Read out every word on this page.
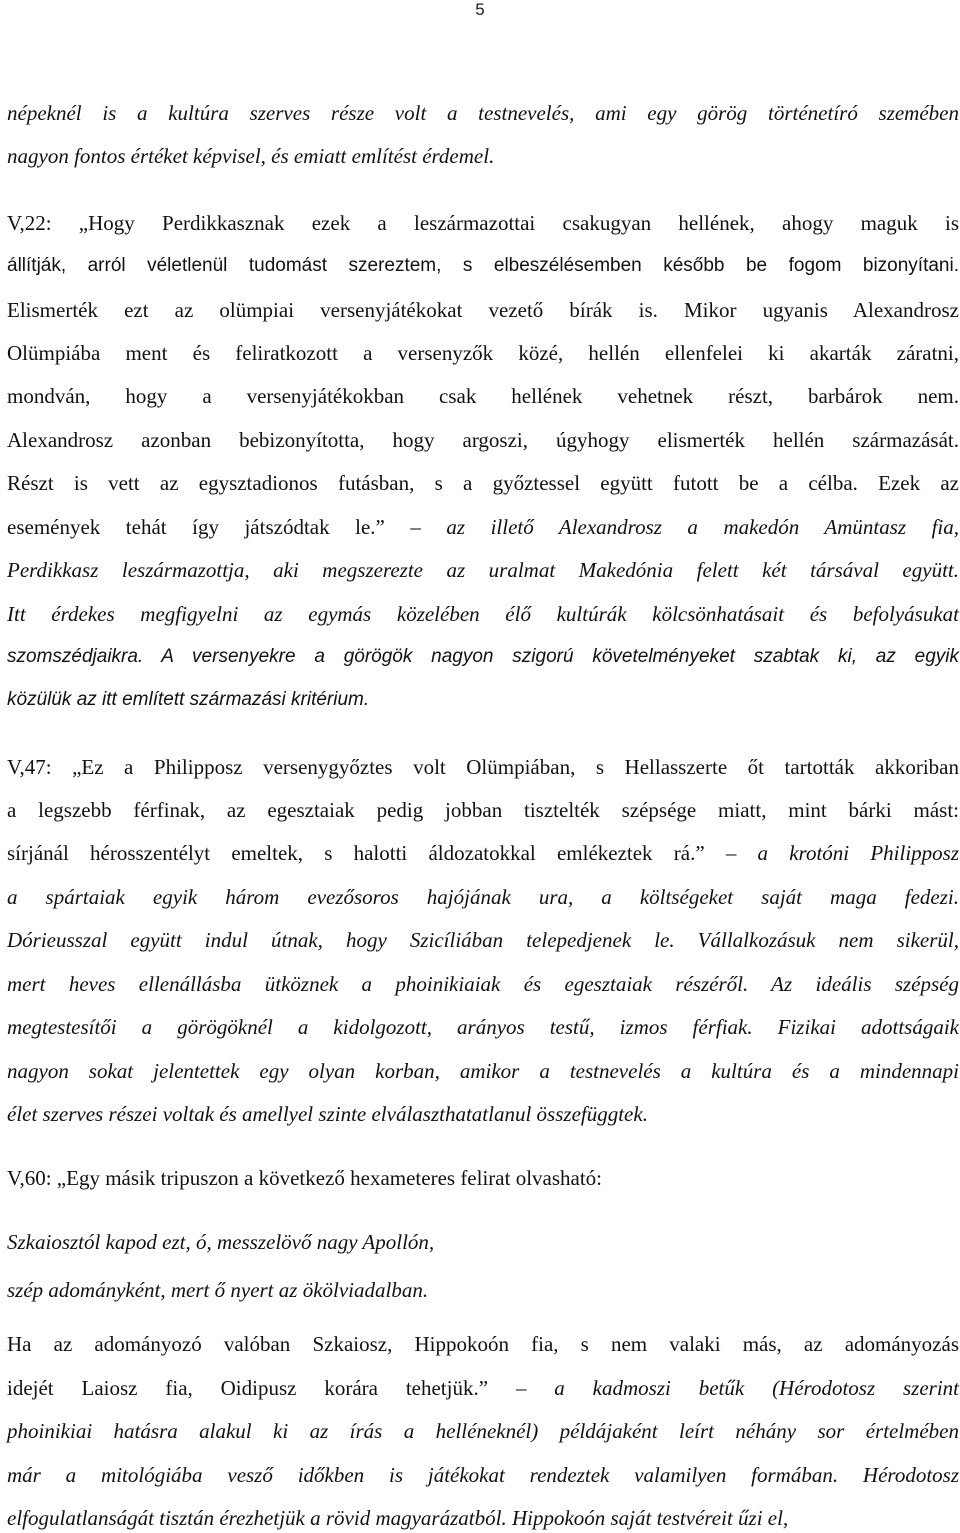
5

népeknél is a kultúra szerves része volt a testnevelés, ami egy görög történetíró szemében

nagyon fontos értéket képvisel, és emiatt említést érdemel.

V,22: „Hogy Perdikkasznak ezek a leszármazottai csakugyan hellének, ahogy maguk is

állítják, arról véletlenül tudomást szereztem, s elbeszélésemben később be fogom bizonyítani.

Elismerték ezt az olümpiai versenyjátékokat vezető bírák is. Mikor ugyanis Alexandrosz

Olümpiába ment és feliratkozott a versenyzők közé, hellén ellenfelei ki akarták záratni,

mondván, hogy a versenyjátékokban csak hellének vehetnek részt, barbárok nem.

Alexandrosz azonban bebizonyította, hogy argoszi, úgyhogy elismerték hellén származását.

Részt is vett az egysztadionos futásban, s a győztessel együtt futott be a célba. Ezek az

események tehát így játszódtak le.” – az illető Alexandrosz a makedón Amüntasz fia,

Perdikkasz leszármazottja, aki megszerezte az uralmat Makedónia felett két társával együtt.

Itt érdekes megfigyelni az egymás közelében élő kultúrák kölcsönhatásait és befolyásukat

szomszédjaikra. A versenyekre a görögök nagyon szigorú követelményeket szabtak ki, az egyik

közülük az itt említett származási kritérium.

V,47: „Ez a Philipposz versenygyőztes volt Olümpiában, s Hellasszerte őt tartották akkoriban

a legszebb férfinak, az egesztaiak pedig jobban tisztelték szépsége miatt, mint bárki mást:

sírjánál hérosszentélyt emeltek, s halotti áldozatokkal emlékeztek rá.” – a krotóni Philipposz

a spártaiak egyik három evezősoros hajójának ura, a költségeket saját maga fedezi.

Dórieusszal együtt indul útnak, hogy Szicíliában telepedjenek le. Vállalkozásuk nem sikerül,

mert heves ellenállásba ütköznek a phoinikiaiak és egesztaiak részéről. Az ideális szépség

megtestesítői a görögöknél a kidolgozott, arányos testű, izmos férfiak. Fizikai adottságaik

nagyon sokat jelentettek egy olyan korban, amikor a testnevelés a kultúra és a mindennapi

élet szerves részei voltak és amellyel szinte elválaszthatatlanul összefüggtek.

V,60: „Egy másik tripuszon a következő hexameteres felirat olvasható:

Szkaiosztól kapod ezt, ó, messzelövő nagy Apollón,

szép adományként, mert ő nyert az ökölviadalban.

Ha az adományozó valóban Szkaiosz, Hippokoón fia, s nem valaki más, az adományozás

idejét Laiosz fia, Oidipusz korára tehetjük.” – a kadmoszi betűk (Hérodotosz szerint

phoinikiai hatásra alakul ki az írás a helléneknél) példájaként leírt néhány sor értelmében

már a mitológiába vesző időkben is játékokat rendeztek valamilyen formában. Hérodotosz

elfogulatlanságát tisztán érezhetjük a rövid magyarázatból. Hippokoón saját testvéreit űzi el,
